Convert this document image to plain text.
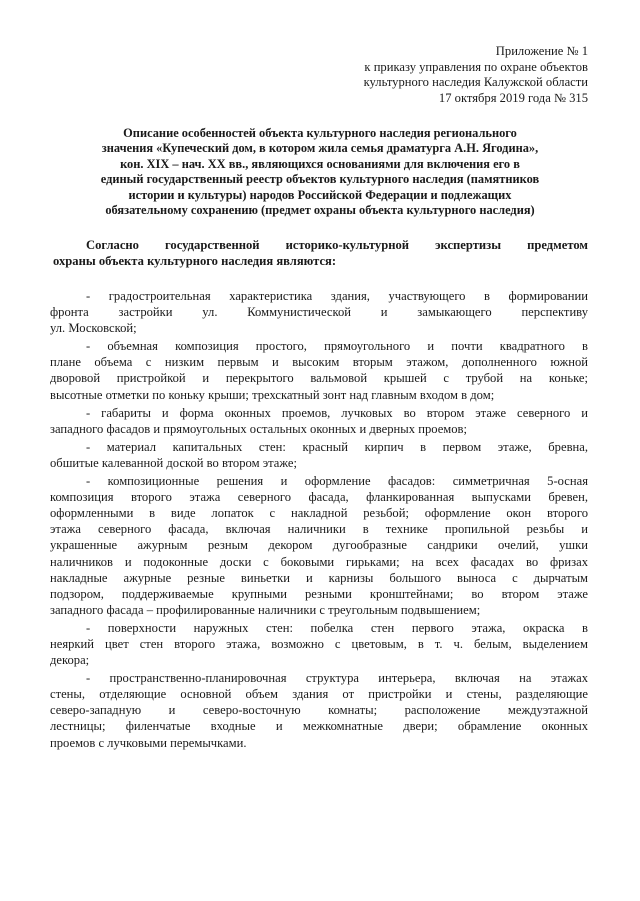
Приложение № 1
к приказу управления по охране объектов
культурного наследия Калужской области
17 октября 2019 года № 315
Описание особенностей объекта культурного наследия регионального
значения «Купеческий дом, в котором жила семья драматурга А.Н. Ягодина»,
кон. XIX – нач. XX вв., являющихся основаниями для включения его в
единый государственный реестр объектов культурного наследия (памятников
истории и культуры) народов Российской Федерации и подлежащих
обязательному сохранению (предмет охраны объекта культурного наследия)
Согласно государственной историко-культурной экспертизы предметом
охраны объекта культурного наследия являются:
- градостроительная характеристика здания, участвующего в формировании
фронта застройки ул. Коммунистической и замыкающего перспективу
ул. Московской;
- объемная композиция простого, прямоугольного и почти квадратного в
плане объема с низким первым и высоким вторым этажом, дополненного южной
дворовой пристройкой и перекрытого вальмовой крышей с трубой на коньке;
высотные отметки по коньку крыши; трехскатный зонт над главным входом в дом;
- габариты и форма оконных проемов, лучковых во втором этаже северного и
западного фасадов и прямоугольных остальных оконных и дверных проемов;
- материал капитальных стен: красный кирпич в первом этаже, бревна,
обшитые калеванной доской во втором этаже;
- композиционные решения и оформление фасадов: симметричная 5-осная
композиция второго этажа северного фасада, фланкированная выпусками бревен,
оформленными в виде лопаток с накладной резьбой; оформление окон второго
этажа северного фасада, включая наличники в технике пропильной резьбы и
украшенные ажурным резным декором дугообразные сандрики очелий, ушки
наличников и подоконные доски с боковыми гирьками; на всех фасадах во фризах
накладные ажурные резные виньетки и карнизы большого выноса с дырчатым
подзором, поддерживаемые крупными резными кронштейнами; во втором этаже
западного фасада – профилированные наличники с треугольным подвышением;
- поверхности наружных стен: побелка стен первого этажа, окраска в
неяркий цвет стен второго этажа, возможно с цветовым, в т. ч. белым, выделением
декора;
- пространственно-планировочная структура интерьера, включая на этажах
стены, отделяющие основной объем здания от пристройки и стены, разделяющие
северо-западную и северо-восточную комнаты; расположение междуэтажной
лестницы; филенчатые входные и межкомнатные двери; обрамление оконных
проемов с лучковыми перемычками.
